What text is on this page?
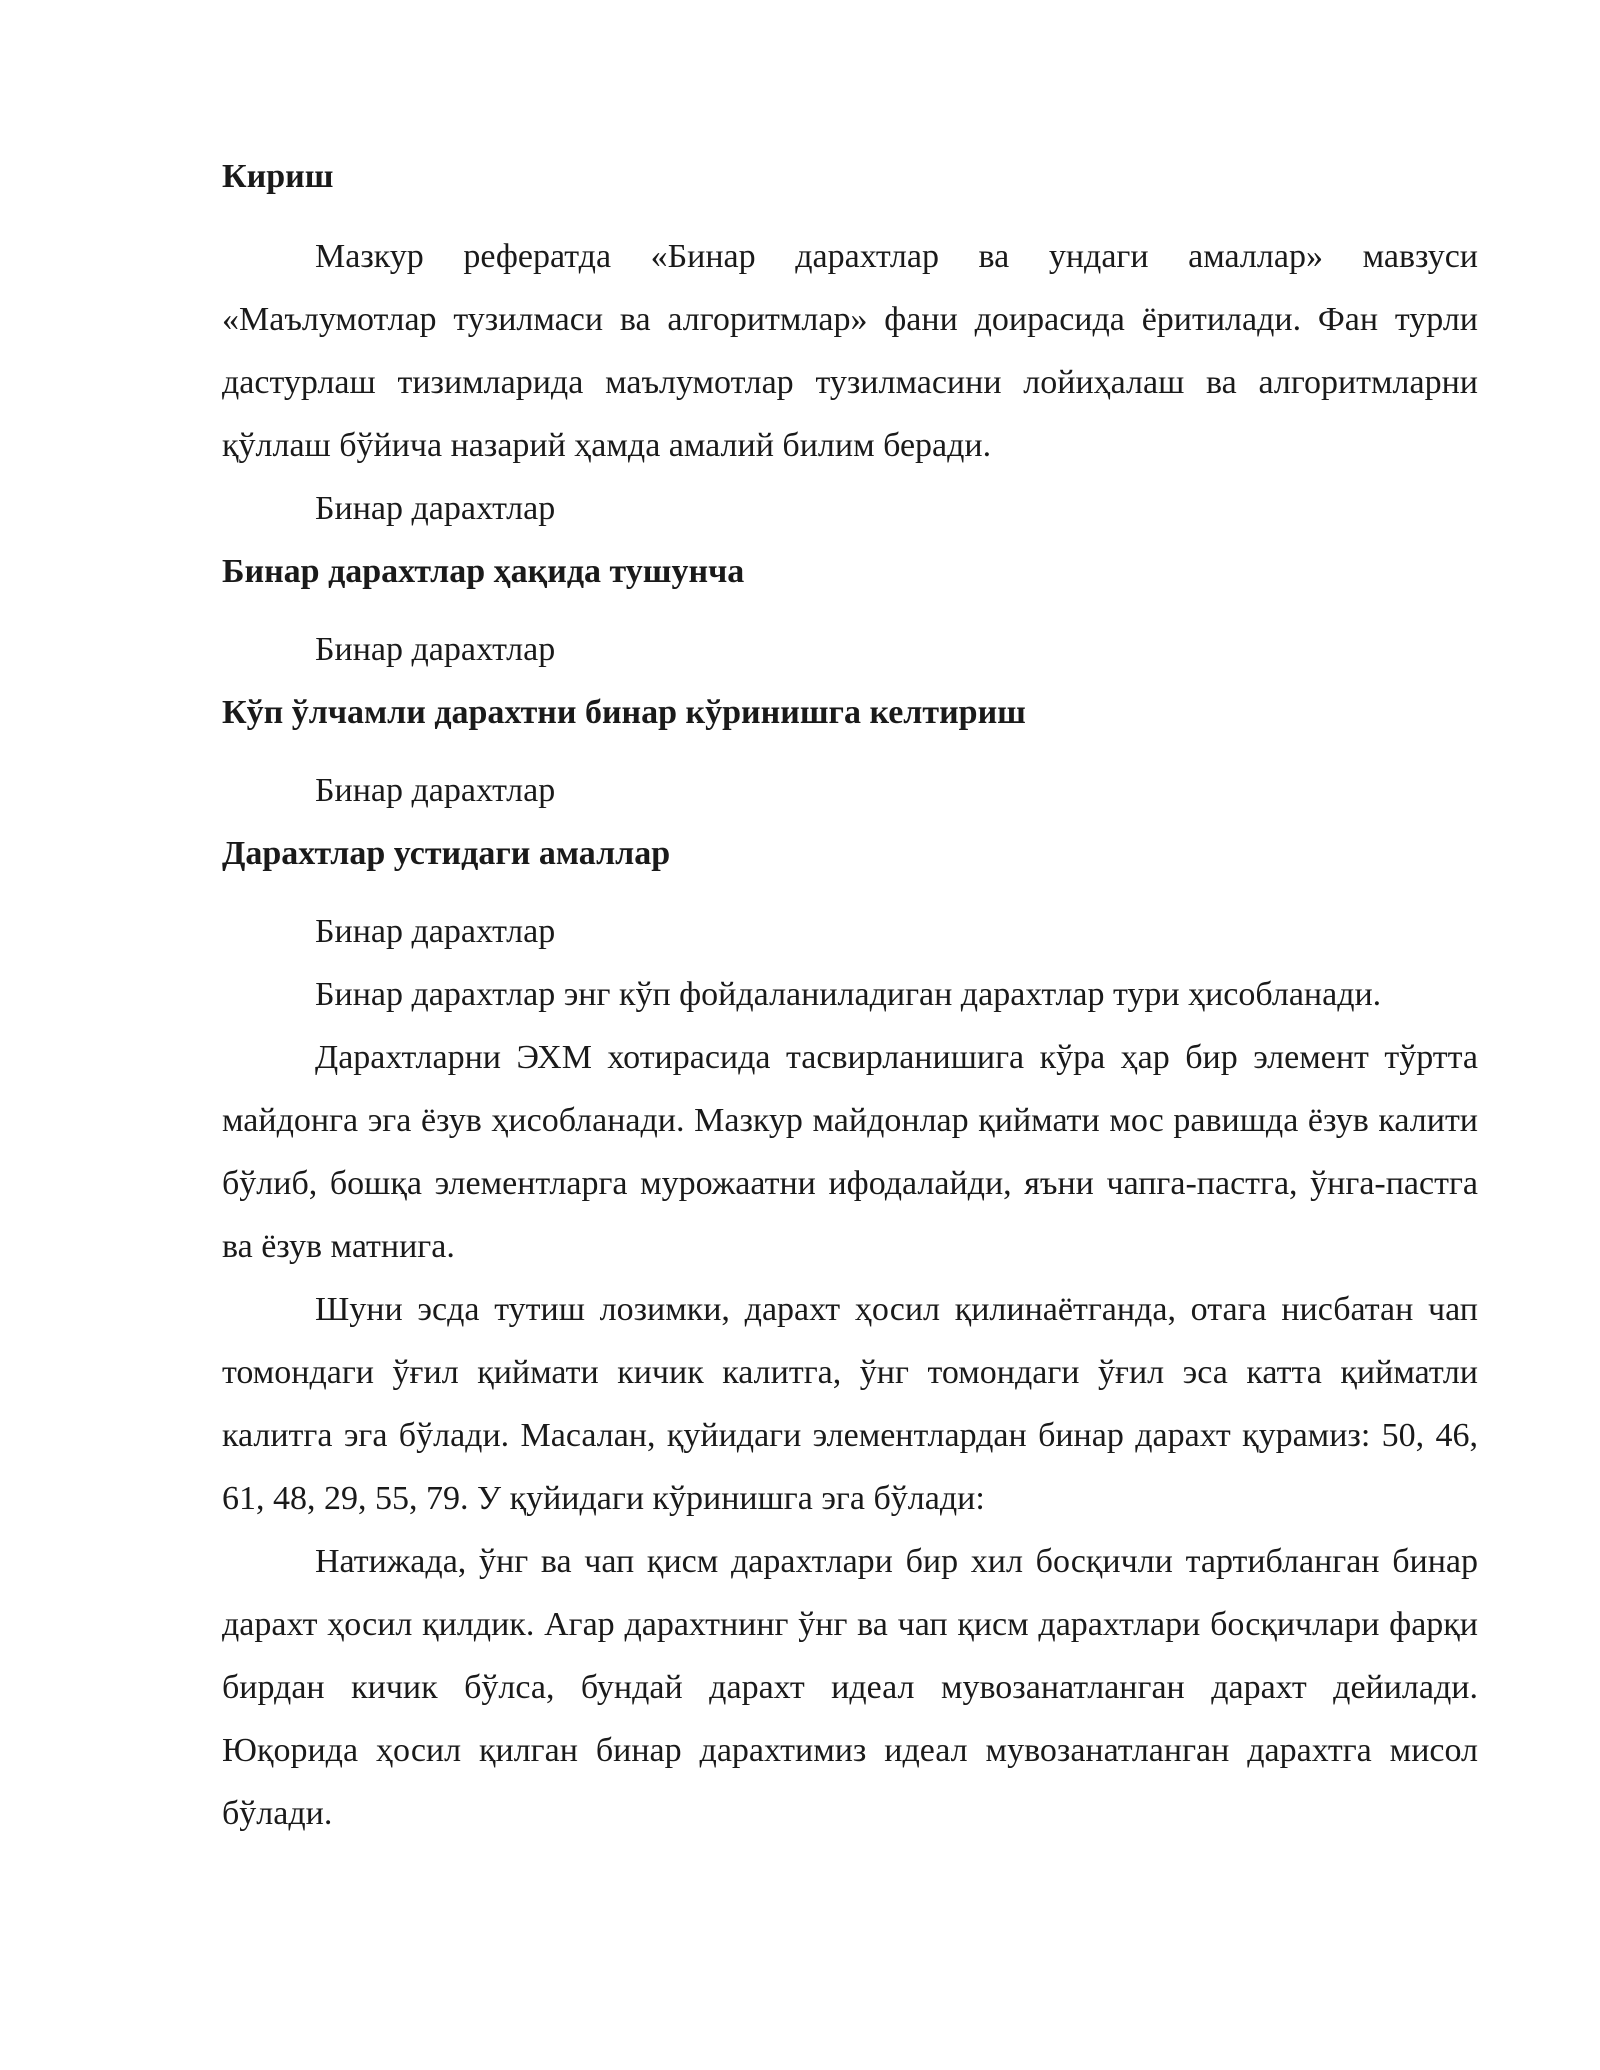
Кириш

Мазкур рефератда «Бинар дарахтлар ва ундаги амаллар» мавзуси «Маълумотлар тузилмаси ва алгоритмлар» фани доирасида ёритилади. Фан турли дастурлаш тизимларида маълумотлар тузилмасини лойиҳалаш ва алгоритмларни қўллаш бўйича назарий ҳамда амалий билим беради.

Бинар дарахтлар

Бинар дарахтлар ҳақида тушунча

Бинар дарахтлар

Кўп ўлчамли дарахтни бинар кўринишга келтириш

Бинар дарахтлар

Дарахтлар устидаги амаллар

Бинар дарахтлар

Бинар дарахтлар энг кўп фойдаланиладиган дарахтлар тури ҳисобланади.

Дарахтларни ЭХМ хотирасида тасвирланишига кўра ҳар бир элемент тўртта майдонга эга ёзув ҳисобланади. Мазкур майдонлар қиймати мос равишда ёзув калити бўлиб, бошқа элементларга мурожаатни ифодалайди, яъни чапга-пастга, ўнга-пастга ва ёзув матнига.

Шуни эсда тутиш лозимки, дарахт ҳосил қилинаётганда, отага нисбатан чап томондаги ўғил қиймати кичик калитга, ўнг томондаги ўғил эса катта қийматли калитга эга бўлади. Масалан, қуйидаги элементлардан бинар дарахт қурамиз: 50, 46, 61, 48, 29, 55, 79. У қуйидаги кўринишга эга бўлади:

Натижада, ўнг ва чап қисм дарахтлари бир хил босқичли тартибланган бинар дарахт ҳосил қилдик. Агар дарахтнинг ўнг ва чап қисм дарахтлари босқичлари фарқи бирдан кичик бўлса, бундай дарахт идеал мувозанатланган дарахт дейилади. Юқорида ҳосил қилган бинар дарахтимиз идеал мувозанатланган дарахтга мисол бўлади.
